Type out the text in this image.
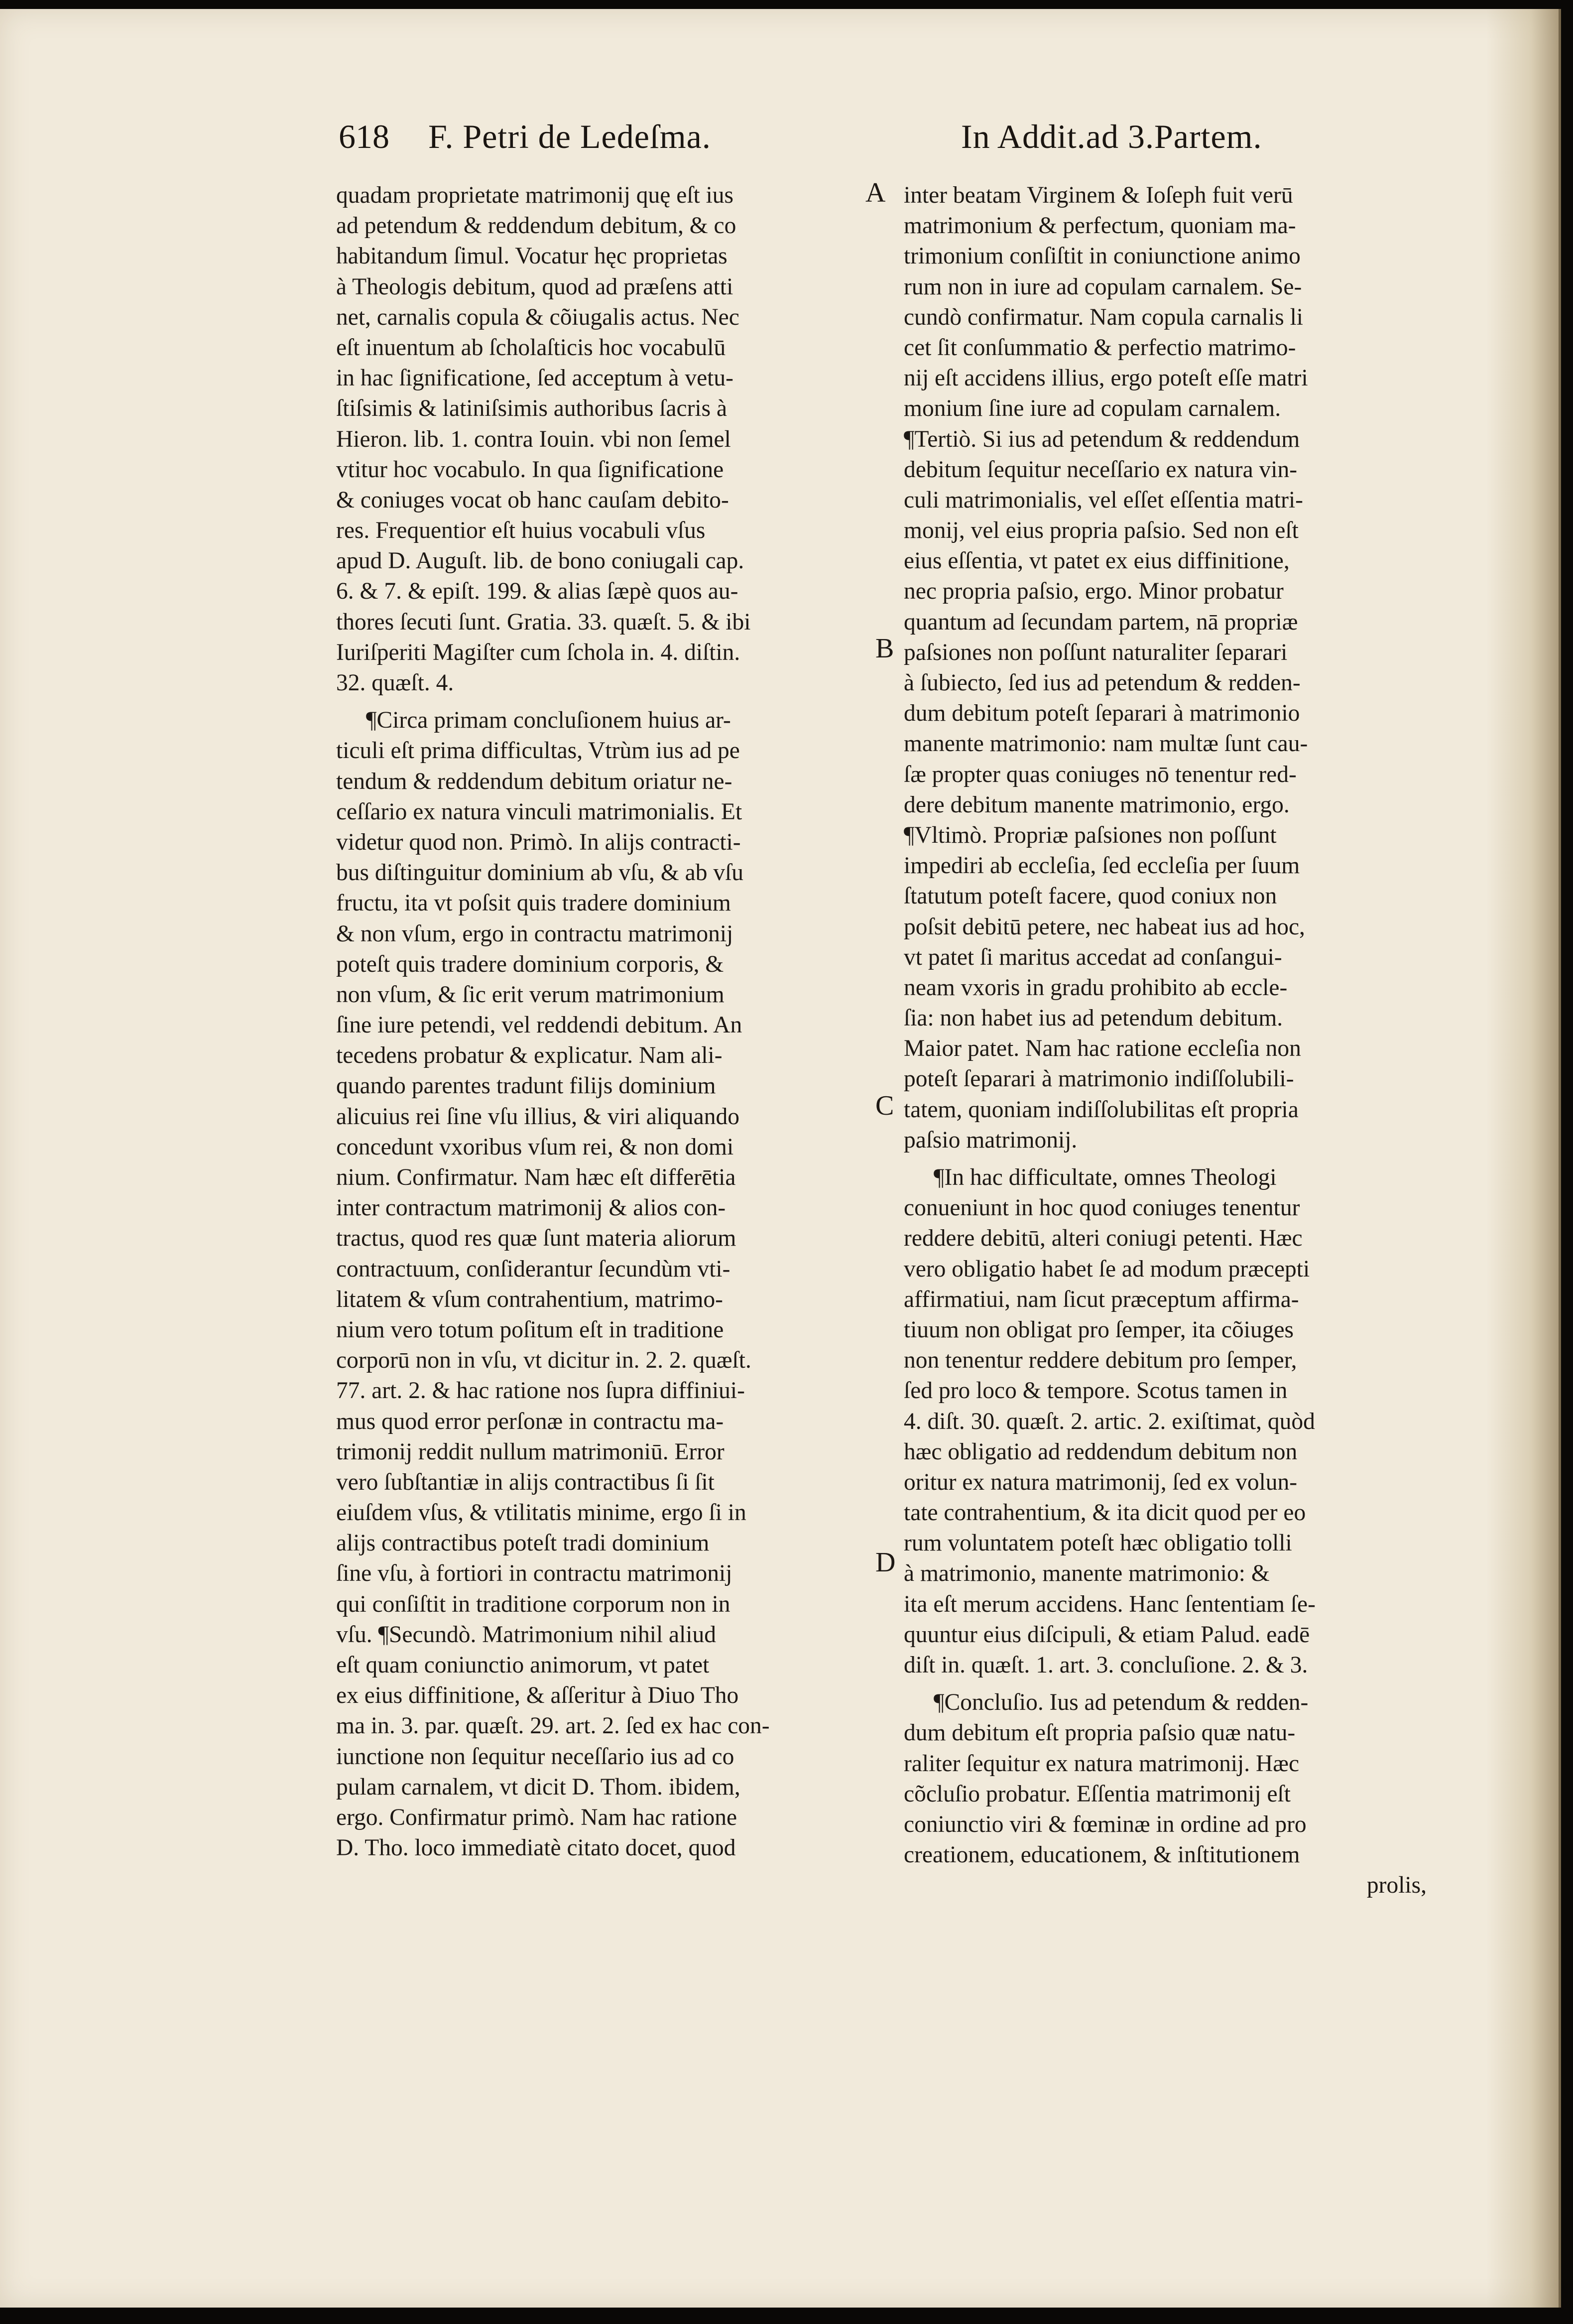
618 F. Petri de Ledeſma.	In Addit.ad 3.Partem.
A
B
C
D
quadam proprietate matrimonij quę eſt ius
ad petendum & reddendum debitum, & co
habitandum ſimul. Vocatur hęc proprietas
à Theologis debitum, quod ad præſens atti
net, carnalis copula & cõiugalis actus. Nec
eſt inuentum ab ſcholaſticis hoc vocabulū
in hac ſignificatione, ſed acceptum à vetu-
ſtiſsimis & latiniſsimis authoribus ſacris à
Hieron. lib. 1. contra Iouin. vbi non ſemel
vtitur hoc vocabulo. In qua ſignificatione
& coniuges vocat ob hanc cauſam debito-
res. Frequentior eſt huius vocabuli vſus
apud D. Auguſt. lib. de bono coniugali cap.
6. & 7. & epiſt. 199. & alias ſæpè quos au-
thores ſecuti ſunt. Gratia. 33. quæſt. 5. & ibi
Iuriſperiti Magiſter cum ſchola in. 4. diſtin.
32. quæſt. 4.
¶Circa primam concluſionem huius ar-
ticuli eſt prima difficultas, Vtrùm ius ad pe
tendum & reddendum debitum oriatur ne-
ceſſario ex natura vinculi matrimonialis. Et
videtur quod non. Primò. In alijs contracti-
bus diſtinguitur dominium ab vſu, & ab vſu
fructu, ita vt poſsit quis tradere dominium
& non vſum, ergo in contractu matrimonij
poteſt quis tradere dominium corporis, &
non vſum, & ſic erit verum matrimonium
ſine iure petendi, vel reddendi debitum. An
tecedens probatur & explicatur. Nam ali-
quando parentes tradunt filijs dominium
alicuius rei ſine vſu illius, & viri aliquando
concedunt vxoribus vſum rei, & non domi
nium. Confirmatur. Nam hæc eſt differētia
inter contractum matrimonij & alios con-
tractus, quod res quæ ſunt materia aliorum
contractuum, conſiderantur ſecundùm vti-
litatem & vſum contrahentium, matrimo-
nium vero totum poſitum eſt in traditione
corporū non in vſu, vt dicitur in. 2. 2. quæſt.
77. art. 2. & hac ratione nos ſupra diffiniui-
mus quod error perſonæ in contractu ma-
trimonij reddit nullum matrimoniū. Error
vero ſubſtantiæ in alijs contractibus ſi ſit
eiuſdem vſus, & vtilitatis minime, ergo ſi in
alijs contractibus poteſt tradi dominium
ſine vſu, à fortiori in contractu matrimonij
qui conſiſtit in traditione corporum non in
vſu. ¶Secundò. Matrimonium nihil aliud
eſt quam coniunctio animorum, vt patet
ex eius diffinitione, & aſſeritur à Diuo Tho
ma in. 3. par. quæſt. 29. art. 2. ſed ex hac con-
iunctione non ſequitur neceſſario ius ad co
pulam carnalem, vt dicit D. Thom. ibidem,
ergo. Confirmatur primò. Nam hac ratione
D. Tho. loco immediatè citato docet, quod
inter beatam Virginem & Ioſeph fuit verū
matrimonium & perfectum, quoniam ma-
trimonium conſiſtit in coniunctione animo
rum non in iure ad copulam carnalem. Se-
cundò confirmatur. Nam copula carnalis li
cet ſit conſummatio & perfectio matrimo-
nij eſt accidens illius, ergo poteſt eſſe matri
monium ſine iure ad copulam carnalem.
¶Tertiò. Si ius ad petendum & reddendum
debitum ſequitur neceſſario ex natura vin-
culi matrimonialis, vel eſſet eſſentia matri-
monij, vel eius propria paſsio. Sed non eſt
eius eſſentia, vt patet ex eius diffinitione,
nec propria paſsio, ergo. Minor probatur
quantum ad ſecundam partem, nā propriæ
paſsiones non poſſunt naturaliter ſeparari
à ſubiecto, ſed ius ad petendum & redden-
dum debitum poteſt ſeparari à matrimonio
manente matrimonio: nam multæ ſunt cau-
ſæ propter quas coniuges nō tenentur red-
dere debitum manente matrimonio, ergo.
¶Vltimò. Propriæ paſsiones non poſſunt
impediri ab eccleſia, ſed eccleſia per ſuum
ſtatutum poteſt facere, quod coniux non
poſsit debitū petere, nec habeat ius ad hoc,
vt patet ſi maritus accedat ad conſangui-
neam vxoris in gradu prohibito ab eccle-
ſia: non habet ius ad petendum debitum.
Maior patet. Nam hac ratione eccleſia non
poteſt ſeparari à matrimonio indiſſolubili-
tatem, quoniam indiſſolubilitas eſt propria
paſsio matrimonij.
¶In hac difficultate, omnes Theologi
conueniunt in hoc quod coniuges tenentur
reddere debitū, alteri coniugi petenti. Hæc
vero obligatio habet ſe ad modum præcepti
affirmatiui, nam ſicut præceptum affirma-
tiuum non obligat pro ſemper, ita cõiuges
non tenentur reddere debitum pro ſemper,
ſed pro loco & tempore. Scotus tamen in
4. diſt. 30. quæſt. 2. artic. 2. exiſtimat, quòd
hæc obligatio ad reddendum debitum non
oritur ex natura matrimonij, ſed ex volun-
tate contrahentium, & ita dicit quod per eo
rum voluntatem poteſt hæc obligatio tolli
à matrimonio, manente matrimonio: &
ita eſt merum accidens. Hanc ſententiam ſe-
quuntur eius diſcipuli, & etiam Palud. eadē
diſt in. quæſt. 1. art. 3. concluſione. 2. & 3.
¶Concluſio. Ius ad petendum & redden-
dum debitum eſt propria paſsio quæ natu-
raliter ſequitur ex natura matrimonij. Hæc
cõcluſio probatur. Eſſentia matrimonij eſt
coniunctio viri & fœminæ in ordine ad pro
creationem, educationem, & inſtitutionem
prolis,
